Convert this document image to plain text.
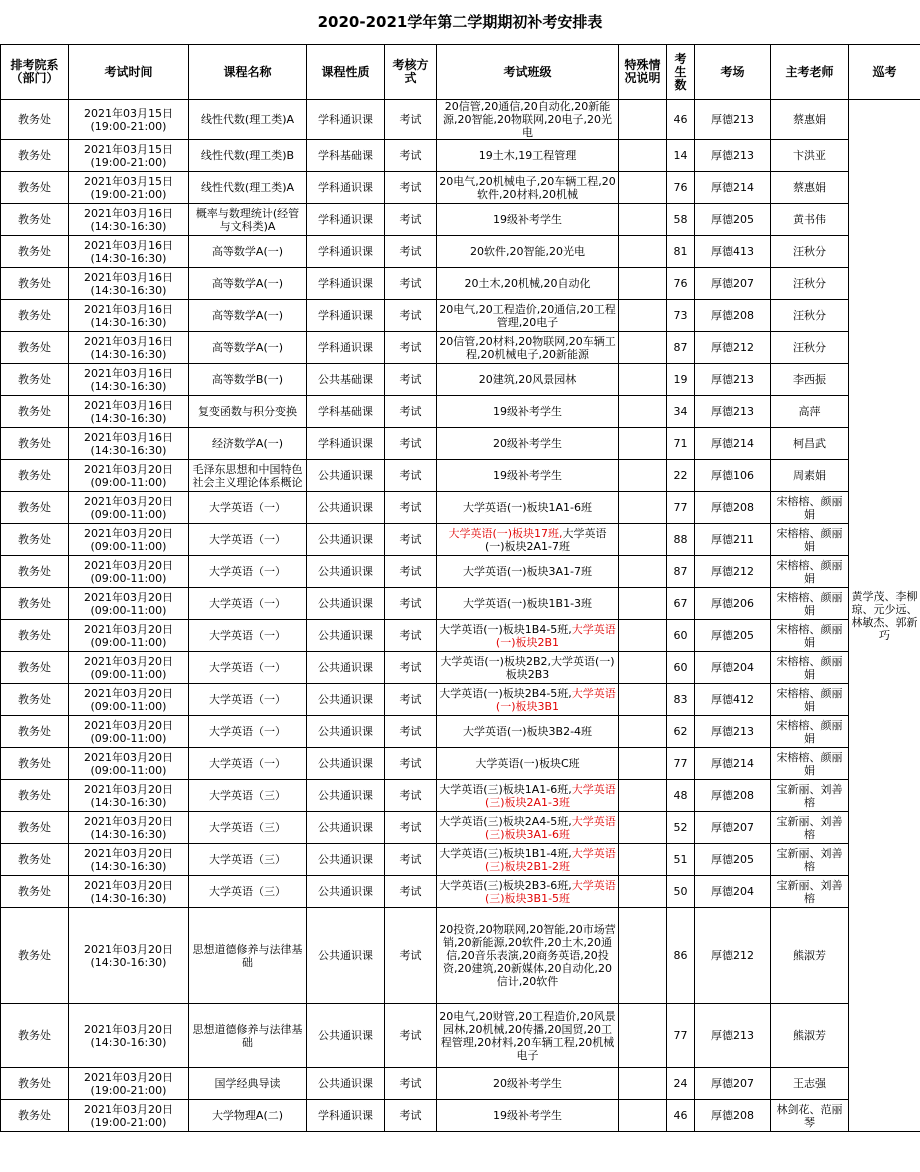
2020-2021学年第二学期期初补考安排表
排考院系（部门）	考试时间	课程名称	课程性质	考核方式	考试班级	特殊情况说明	考生数	考场	主考老师	巡考
教务处	2021年03月15日
(19:00-21:00)	线性代数(理工类)A	学科通识课	考试	20信管,20通信,20自动化,20新能源,20智能,20物联网,20电子,20光电		46	厚德213	蔡惠娟	黄学茂、李柳琼、元少远、林敏杰、郭新巧
教务处	2021年03月15日
(19:00-21:00)	线性代数(理工类)B	学科基础课	考试	19土木,19工程管理		14	厚德213	卞洪亚	
教务处	2021年03月15日
(19:00-21:00)	线性代数(理工类)A	学科通识课	考试	20电气,20机械电子,20车辆工程,20软件,20材料,20机械		76	厚德214	蔡惠娟	
教务处	2021年03月16日
(14:30-16:30)	概率与数理统计(经管与文科类)A	学科通识课	考试	19级补考学生		58	厚德205	黄书伟	
教务处	2021年03月16日
(14:30-16:30)	高等数学A(一)	学科通识课	考试	20软件,20智能,20光电		81	厚德413	汪秋分	
教务处	2021年03月16日
(14:30-16:30)	高等数学A(一)	学科通识课	考试	20土木,20机械,20自动化		76	厚德207	汪秋分	
教务处	2021年03月16日
(14:30-16:30)	高等数学A(一)	学科通识课	考试	20电气,20工程造价,20通信,20工程管理,20电子		73	厚德208	汪秋分	
教务处	2021年03月16日
(14:30-16:30)	高等数学A(一)	学科通识课	考试	20信管,20材料,20物联网,20车辆工程,20机械电子,20新能源		87	厚德212	汪秋分	
教务处	2021年03月16日
(14:30-16:30)	高等数学B(一)	公共基础课	考试	20建筑,20风景园林		19	厚德213	李西振	
教务处	2021年03月16日
(14:30-16:30)	复变函数与积分变换	学科基础课	考试	19级补考学生		34	厚德213	高萍	
教务处	2021年03月16日
(14:30-16:30)	经济数学A(一)	学科通识课	考试	20级补考学生		71	厚德214	柯昌武	
教务处	2021年03月20日
(09:00-11:00)	毛泽东思想和中国特色社会主义理论体系概论	公共通识课	考试	19级补考学生		22	厚德106	周素娟	
教务处	2021年03月20日
(09:00-11:00)	大学英语（一）	公共通识课	考试	大学英语(一)板块1A1-6班		77	厚德208	宋榕榕、颜丽娟	
教务处	2021年03月20日
(09:00-11:00)	大学英语（一）	公共通识课	考试	大学英语(一)板块17班,大学英语(一)板块2A1-7班		88	厚德211	宋榕榕、颜丽娟	
教务处	2021年03月20日
(09:00-11:00)	大学英语（一）	公共通识课	考试	大学英语(一)板块3A1-7班		87	厚德212	宋榕榕、颜丽娟	
教务处	2021年03月20日
(09:00-11:00)	大学英语（一）	公共通识课	考试	大学英语(一)板块1B1-3班		67	厚德206	宋榕榕、颜丽娟	
教务处	2021年03月20日
(09:00-11:00)	大学英语（一）	公共通识课	考试	大学英语(一)板块1B4-5班,大学英语(一)板块2B1		60	厚德205	宋榕榕、颜丽娟	
教务处	2021年03月20日
(09:00-11:00)	大学英语（一）	公共通识课	考试	大学英语(一)板块2B2,大学英语(一)板块2B3		60	厚德204	宋榕榕、颜丽娟	
教务处	2021年03月20日
(09:00-11:00)	大学英语（一）	公共通识课	考试	大学英语(一)板块2B4-5班,大学英语(一)板块3B1		83	厚德412	宋榕榕、颜丽娟	
教务处	2021年03月20日
(09:00-11:00)	大学英语（一）	公共通识课	考试	大学英语(一)板块3B2-4班		62	厚德213	宋榕榕、颜丽娟	
教务处	2021年03月20日
(09:00-11:00)	大学英语（一）	公共通识课	考试	大学英语(一)板块C班		77	厚德214	宋榕榕、颜丽娟	
教务处	2021年03月20日
(14:30-16:30)	大学英语（三）	公共通识课	考试	大学英语(三)板块1A1-6班,大学英语(三)板块2A1-3班		48	厚德208	宝新丽、刘善榕	
教务处	2021年03月20日
(14:30-16:30)	大学英语（三）	公共通识课	考试	大学英语(三)板块2A4-5班,大学英语(三)板块3A1-6班		52	厚德207	宝新丽、刘善榕	
教务处	2021年03月20日
(14:30-16:30)	大学英语（三）	公共通识课	考试	大学英语(三)板块1B1-4班,大学英语(三)板块2B1-2班		51	厚德205	宝新丽、刘善榕	
教务处	2021年03月20日
(14:30-16:30)	大学英语（三）	公共通识课	考试	大学英语(三)板块2B3-6班,大学英语(三)板块3B1-5班		50	厚德204	宝新丽、刘善榕	
教务处	2021年03月20日
(14:30-16:30)	思想道德修养与法律基础	公共通识课	考试	20投资,20物联网,20智能,20市场营销,20新能源,20软件,20土木,20通信,20音乐表演,20商务英语,20投资,20建筑,20新媒体,20自动化,20信计,20软件		86	厚德212	熊淑芳	
教务处	2021年03月20日
(14:30-16:30)	思想道德修养与法律基础	公共通识课	考试	20电气,20财管,20工程造价,20风景园林,20机械,20传播,20国贸,20工程管理,20材料,20车辆工程,20机械电子		77	厚德213	熊淑芳	
教务处	2021年03月20日
(19:00-21:00)	国学经典导读	公共通识课	考试	20级补考学生		24	厚德207	王志强	
教务处	2021年03月20日
(19:00-21:00)	大学物理A(二)	学科通识课	考试	19级补考学生		46	厚德208	林剑花、范丽琴	
